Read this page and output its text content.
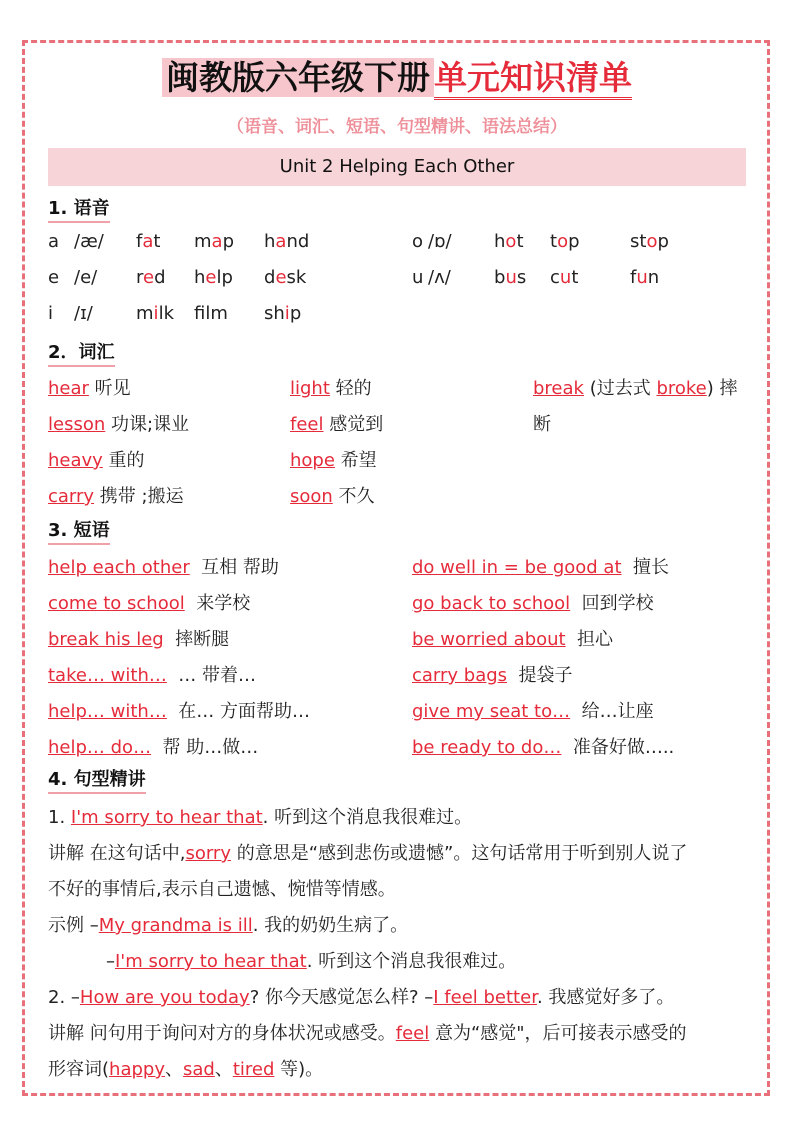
闽教版六年级下册 单元知识清单
（语音、词汇、短语、句型精讲、语法总结）
Unit 2 Helping Each Other
1. 语音
a /æ/ fat map hand	o /ɒ/ hot top	stop
e /e/ red help desk	u /ʌ/ bus cut	fun
i /ɪ/ milk flm ship
2．词汇
hear 听见	light 轻的	break (过去式 broke) 摔
lesson 功课;课业	feel 感觉到	断
heavy 重的	hope 希望
carry 携带 ;搬运	soon 不久
3. 短语
help each other  互相 帮助	do well in = be good at  擅长
come to school  来学校	go back to school  回到学校
break his leg  摔断腿	be worried about  担心
take… with…  … 带着…	carry bags  提袋子
help… with…  在… 方面帮助…	give my seat to…  给…让座
help… do…  帮 助…做…	be ready to do…  准备好做…..
4. 句型精讲
1. I'm sorry to hear that. 听到这个消息我很难过。
讲解 在这句话中,sorry 的意思是“感到悲伤或遗憾”。这句话常用于听到别人说了
不好的事情后,表示自己遗憾、惋惜等情感。
示例 –My grandma is ill. 我的奶奶生病了。
–I'm sorry to hear that. 听到这个消息我很难过。
2. –How are you today? 你今天感觉怎么样? –I feel better. 我感觉好多了。
讲解 问句用于询问对方的身体状况或感受。feel 意为“感觉"，后可接表示感受的
形容词(happy、sad、tired 等)。
